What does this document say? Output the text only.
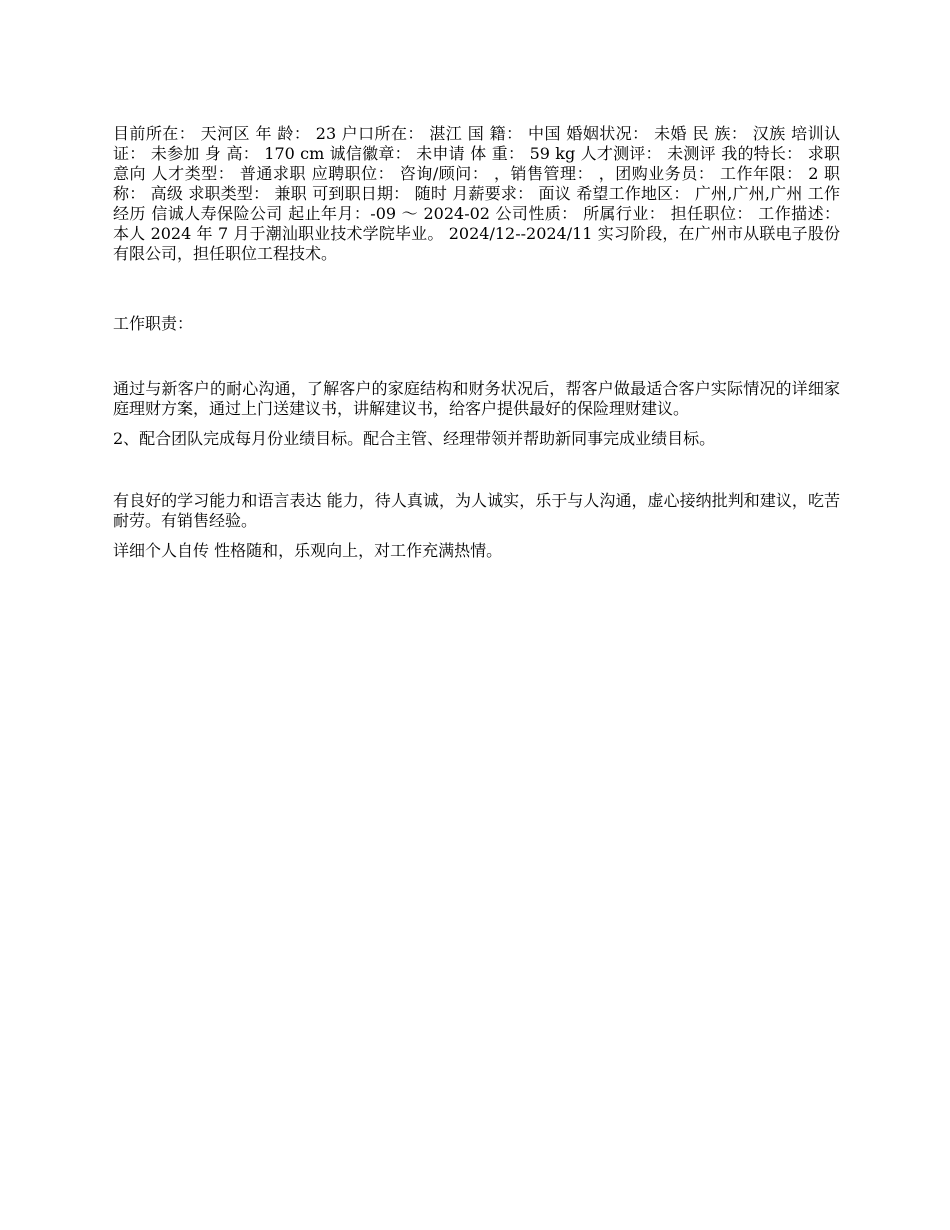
目前所在： 天河区 年 龄： 23 户口所在： 湛江 国 籍： 中国 婚姻状况： 未婚 民 族： 汉族 培训认证： 未参加 身 高： 170 cm 诚信徽章： 未申请 体 重： 59 kg 人才测评： 未测评 我的特长： 求职意向 人才类型： 普通求职 应聘职位： 咨询/顾问： ，销售管理： ，团购业务员： 工作年限： 2 职 称： 高级 求职类型： 兼职 可到职日期： 随时 月薪要求： 面议 希望工作地区： 广州,广州,广州 工作经历 信诚人寿保险公司 起止年月：-09 ～ 2024-02 公司性质： 所属行业： 担任职位： 工作描述： 本人 2024 年 7 月于潮汕职业技术学院毕业。 2024/12--2024/11 实习阶段，在广州市从联电子股份有限公司，担任职位工程技术。

工作职责：

通过与新客户的耐心沟通，了解客户的家庭结构和财务状况后，帮客户做最适合客户实际情况的详细家庭理财方案，通过上门送建议书，讲解建议书，给客户提供最好的保险理财建议。

2、配合团队完成每月份业绩目标。配合主管、经理带领并帮助新同事完成业绩目标。

有良好的学习能力和语言表达 能力，待人真诚，为人诚实，乐于与人沟通，虚心接纳批判和建议，吃苦耐劳。有销售经验。

详细个人自传 性格随和，乐观向上，对工作充满热情。
